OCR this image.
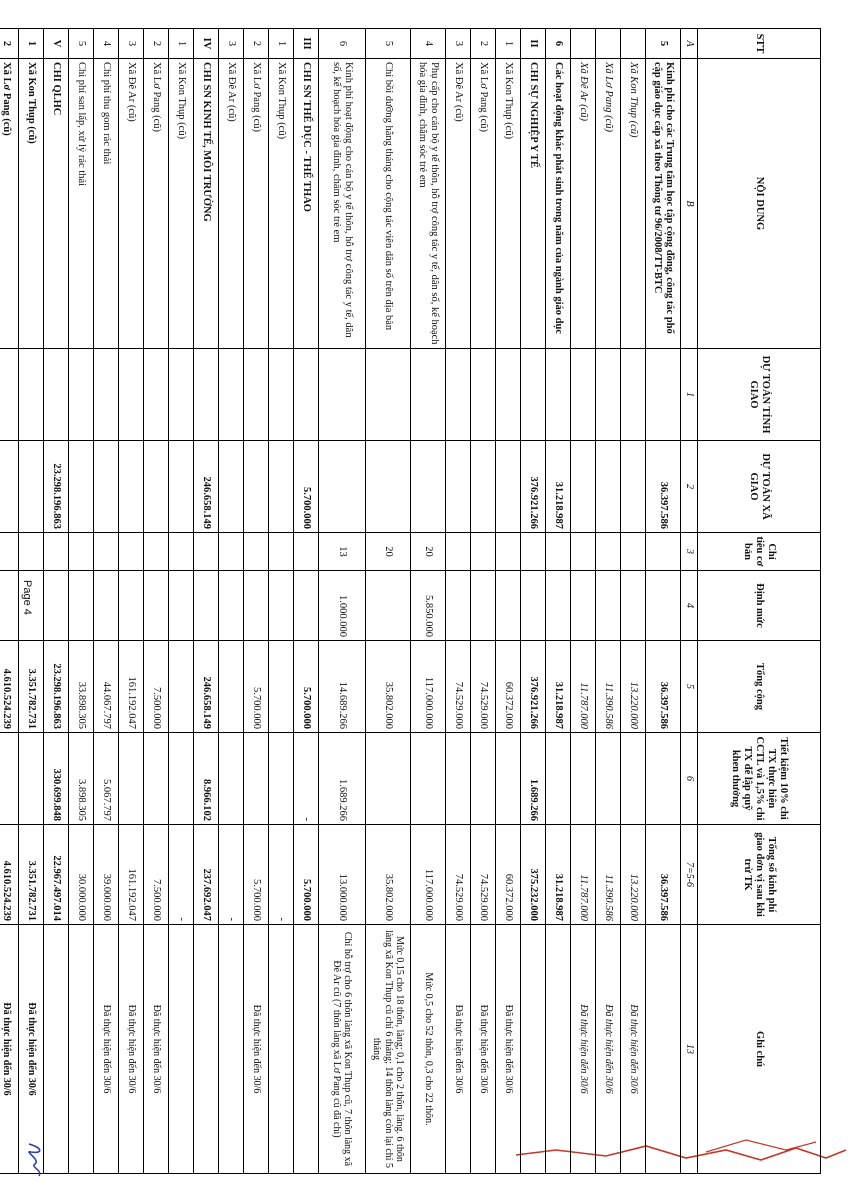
STT	NỘI DUNG	DỰ TOÁN TỈNH GIAO	DỰ TOÁN XÃ GIAO	Chỉ tiêu cơ bản	Định mức	Tổng cộng	Tiết kiệm 10% chi TX thực hiện CCTL và 1,5% chi TX để lập quỹ khen thưởng	Tổng số kinh phí giao đơn vị sau khi trừ TK	Ghi chú
A	B	1	2	3	4	5	6	7=5-6	13
5	Kinh phí cho các Trung tâm học tập cộng đồng, công tác phổ cập giáo dục cấp xã theo Thông tư 96/2008/TT-BTC		36.397.586			36.397.586		36.397.586	
	Xã Kon Thụp (cũ)					13.220.000		13.220.000	Đã thực hiện đến 30/6
	Xã Lơ Pang (cũ)					11.390.586		11.390.586	Đã thực hiện đến 30/6
	Xã Đê Ar (cũ)					11.787.000		11.787.000	Đã thực hiện đến 30/6
6	Các hoạt động khác phát sinh trong năm của ngành giáo dục		31.218.987			31.218.987		31.218.987	
II	CHI SỰ NGHIỆP Y TẾ		376.921.266			376.921.266	1.689.266	375.232.000	
1	Xã Kon Thụp (cũ)					60.372.000		60.372.000	Đã thực hiện đến 30/6
2	Xã Lơ Pang (cũ)					74.529.000		74.529.000	Đã thực hiện đến 30/6
3	Xã Đê Ar (cũ)					74.529.000		74.529.000	Đã thực hiện đến 30/6
4	Phụ cấp cho cán bộ y tế thôn, hỗ trợ công tác y tế, dân số, kế hoạch hóa gia đình, chăm sóc trẻ em			20	5.850.000	117.000.000		117.000.000	Mức 0,5 cho 52 thôn, 0,3 cho 22 thôn.
5	Chi bồi dưỡng hằng tháng cho cộng tác viên dân số trên địa bàn			20		35.802.000		35.802.000	Mức 0,15 cho 18 thôn, làng; 0,1 cho 2 thôn, làng. 6 thôn làng xã Kon Thụp cũ chỉ 6 tháng; 14 thôn làng còn lại chi 5 tháng
6	Kinh phí hoạt động cho cán bộ y tế thôn, hỗ trợ công tác y tế, dân số, kế hoạch hóa gia đình, chăm sóc trẻ em			13	1.000.000	14.689.266	1.689.266	13.000.000	Chỉ hỗ trợ cho 6 thôn làng xã Kon Thụp cũ, 7 thôn làng xã Đê Ar cũ (7 thôn làng xã Lơ Pang cũ đã chi)
III	CHI SN THỂ DỤC - THỂ THAO		5.700.000			5.700.000	-	5.700.000	
1	Xã Kon Thụp (cũ)							-	
2	Xã Lơ Pang (cũ)					5.700.000		5.700.000	Đã thực hiện đến 30/6
3	Xã Đê Ar (cũ)							-	
IV	CHI SN KINH TẾ, MÔI TRƯỜNG		246.658.149			246.658.149	8.966.102	237.692.047	
1	Xã Kon Thụp (cũ)							-	
2	Xã Lơ Pang (cũ)					7.500.000		7.500.000	Đã thực hiện đến 30/6
3	Xã Đê Ar (cũ)					161.192.047		161.192.047	Đã thực hiện đến 30/6
4	Chi phí thu gom rác thải					44.067.797	5.067.797	39.000.000	Đã thực hiện đến 30/6
5	Chi phí san lấp, xử lý rác thải					33.898.305	3.898.305	30.000.000	
V	CHI QLHC		23.298.196.863			23.298.196.863	330.699.848	22.967.497.014	
1	Xã Kon Thụp (cũ)					3.351.782.731		3.351.782.731	Đã thực hiện đến 30/6
2	Xã Lơ Pang (cũ)					4.610.524.239		4.610.524.239	Đã thực hiện đến 30/6

Page 4
